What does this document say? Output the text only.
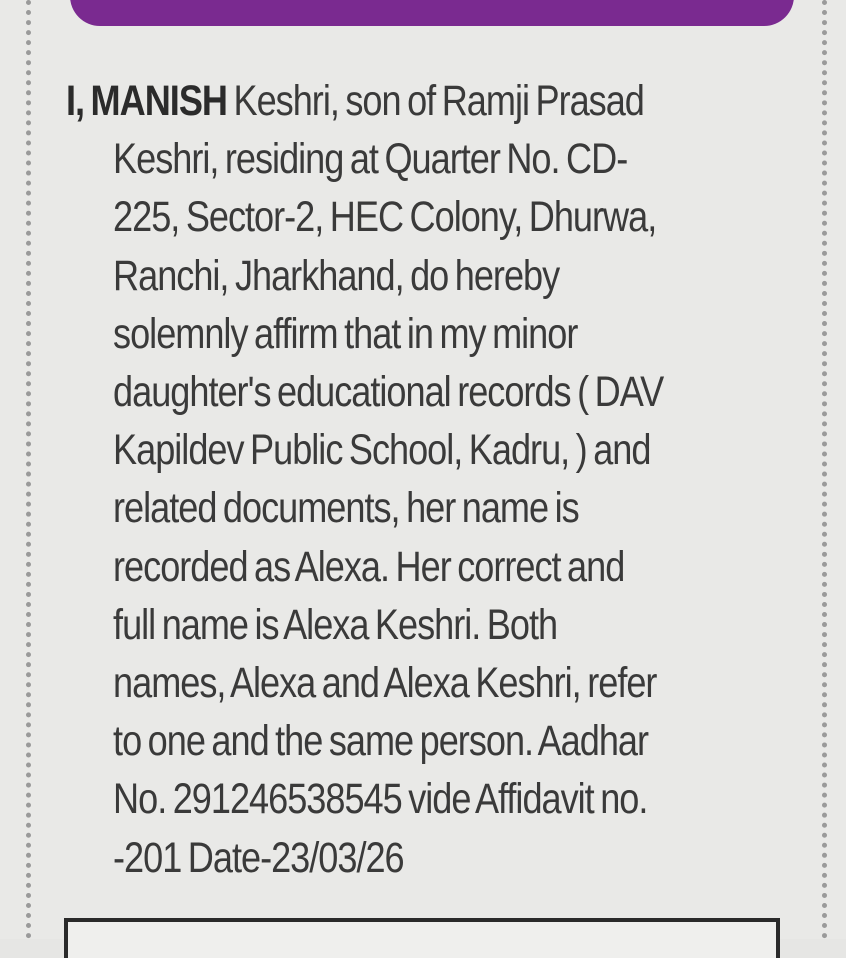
I, MANISH Keshri, son of Ramji Prasad
Keshri, residing at Quarter No. CD-
225, Sector-2, HEC Colony, Dhurwa,
Ranchi, Jharkhand, do hereby
solemnly affirm that in my minor
daughter's educational records ( DAV
Kapildev Public School, Kadru, ) and
related documents, her name is
recorded as Alexa. Her correct and
full name is Alexa Keshri. Both
names, Alexa and Alexa Keshri, refer
to one and the same person. Aadhar
No. 291246538545 vide Affidavit no.
-201 Date-23/03/26
